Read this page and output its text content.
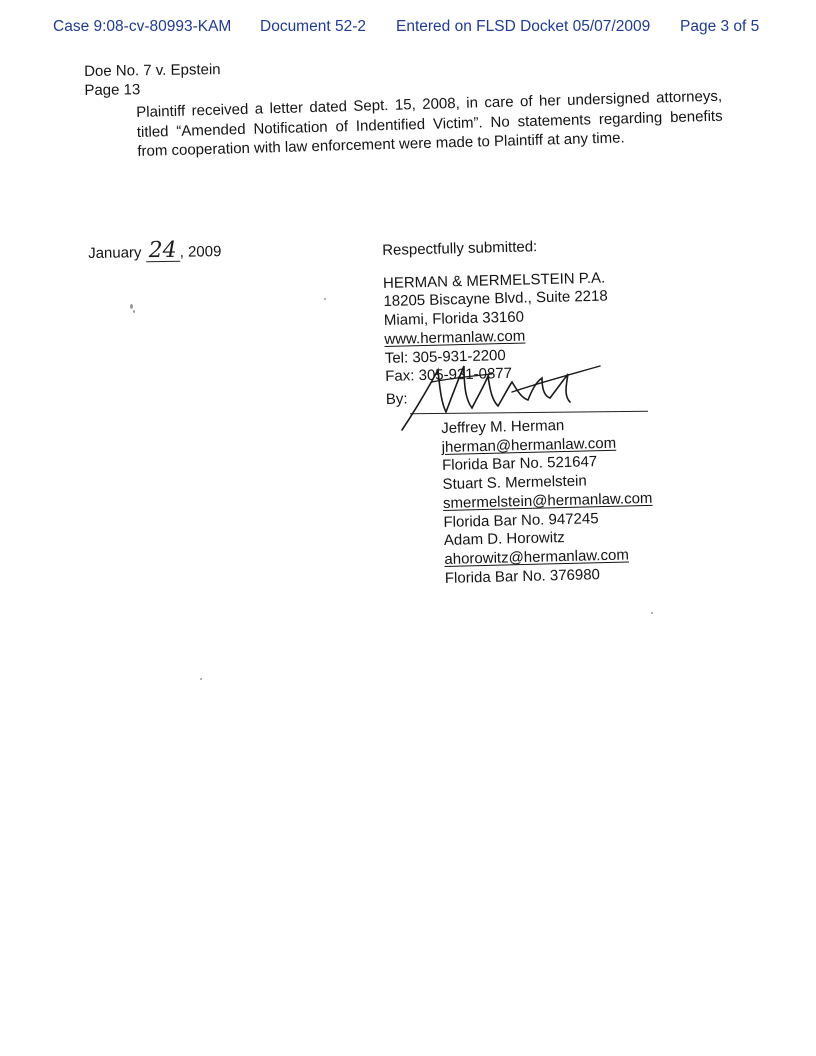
Case 9:08-cv-80993-KAM Document 52-2 Entered on FLSD Docket 05/07/2009 Page 3 of 5
Doe No. 7 v. Epstein
Page 13
Plaintiff received a letter dated Sept. 15, 2008, in care of her undersigned attorneys, titled “Amended Notification of Indentified Victim”. No statements regarding benefits from cooperation with law enforcement were made to Plaintiff at any time.
January 24 , 2009	Respectfully submitted:
HERMAN & MERMELSTEIN P.A.
18205 Biscayne Blvd., Suite 2218
Miami, Florida 33160
www.hermanlaw.com
Tel: 305-931-2200
Fax: 305-931-0877
By:
Jeffrey M. Herman
jherman@hermanlaw.com
Florida Bar No. 521647
Stuart S. Mermelstein
smermelstein@hermanlaw.com
Florida Bar No. 947245
Adam D. Horowitz
ahorowitz@hermanlaw.com
Florida Bar No. 376980
